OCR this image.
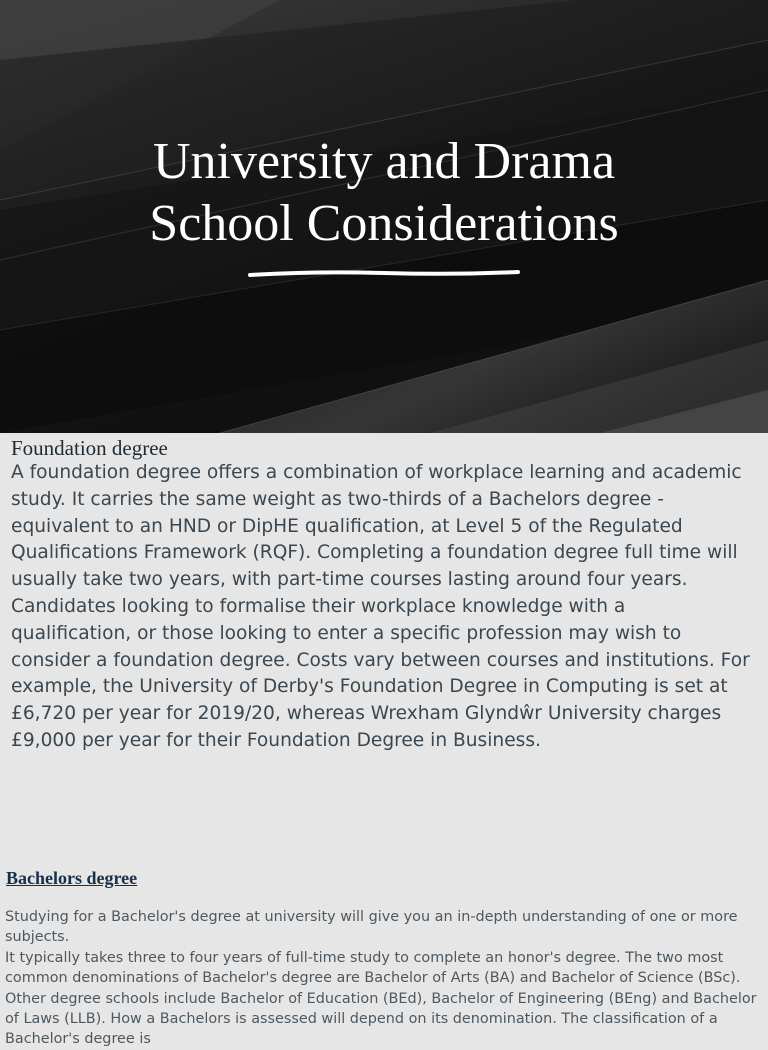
University and Drama
School Considerations
Foundation degree

A foundation degree offers a combination of workplace learning and academic study. It carries the same weight as two-thirds of a Bachelors degree - equivalent to an HND or DipHE qualification, at Level 5 of the Regulated Qualifications Framework (RQF). Completing a foundation degree full time will usually take two years, with part-time courses lasting around four years.

Candidates looking to formalise their workplace knowledge with a qualification, or those looking to enter a specific profession may wish to consider a foundation degree. Costs vary between courses and institutions. For example, the University of Derby's Foundation Degree in Computing is set at £6,720 per year for 2019/20, whereas Wrexham Glyndŵr University charges £9,000 per year for their Foundation Degree in Business.

Bachelors degree

Studying for a Bachelor's degree at university will give you an in-depth understanding of one or more subjects.

It typically takes three to four years of full-time study to complete an honor's degree. The two most common denominations of Bachelor's degree are Bachelor of Arts (BA) and Bachelor of Science (BSc). Other degree schools include Bachelor of Education (BEd), Bachelor of Engineering (BEng) and Bachelor of Laws (LLB). How a Bachelors is assessed will depend on its denomination. The classification of a Bachelor's degree is
